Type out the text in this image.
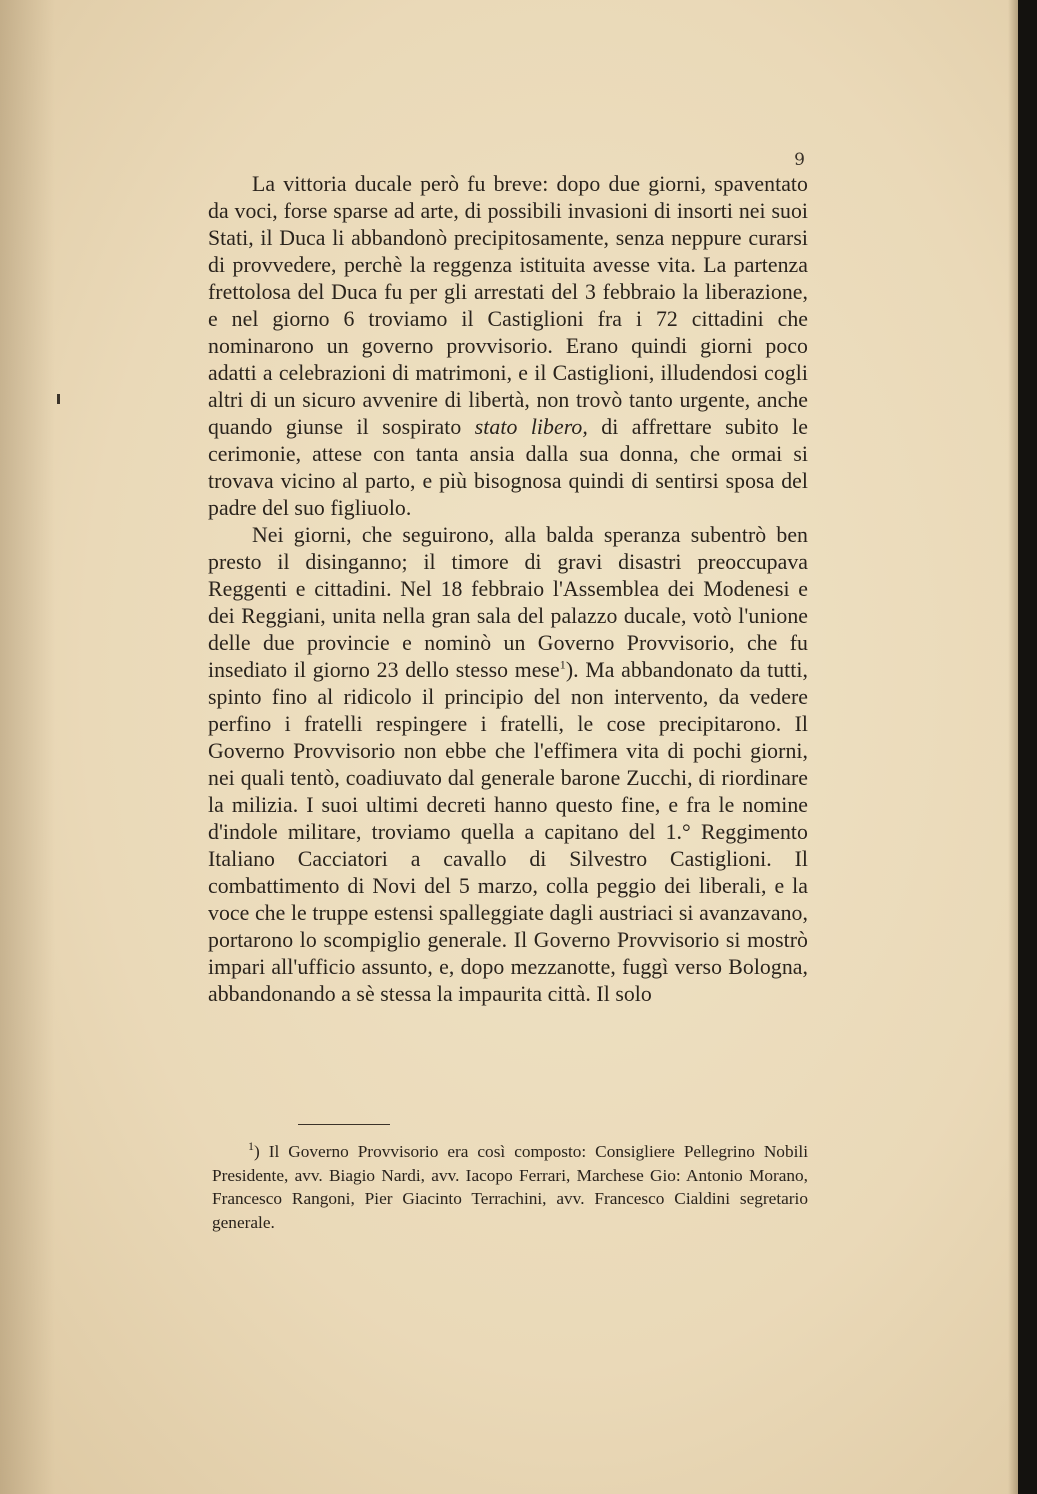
9

La vittoria ducale però fu breve: dopo due giorni, spaventato da voci, forse sparse ad arte, di possibili invasioni di insorti nei suoi Stati, il Duca li abbandonò precipitosamente, senza neppure curarsi di provvedere, perchè la reggenza istituita avesse vita. La partenza frettolosa del Duca fu per gli arrestati del 3 febbraio la liberazione, e nel giorno 6 troviamo il Castiglioni fra i 72 cittadini che nominarono un governo provvisorio. Erano quindi giorni poco adatti a celebrazioni di matrimoni, e il Castiglioni, illudendosi cogli altri di un sicuro avvenire di libertà, non trovò tanto urgente, anche quando giunse il sospirato stato libero, di affrettare subito le cerimonie, attese con tanta ansia dalla sua donna, che ormai si trovava vicino al parto, e più bisognosa quindi di sentirsi sposa del padre del suo figliuolo.

Nei giorni, che seguirono, alla balda speranza subentrò ben presto il disinganno; il timore di gravi disastri preoccupava Reggenti e cittadini. Nel 18 febbraio l'Assemblea dei Modenesi e dei Reggiani, unita nella gran sala del palazzo ducale, votò l'unione delle due provincie e nominò un Governo Provvisorio, che fu insediato il giorno 23 dello stesso mese$^1$). Ma abbandonato da tutti, spinto fino al ridicolo il principio del non intervento, da vedere perfino i fratelli respingere i fratelli, le cose precipitarono. Il Governo Provvisorio non ebbe che l'effimera vita di pochi giorni, nei quali tentò, coadiuvato dal generale barone Zucchi, di riordinare la milizia. I suoi ultimi decreti hanno questo fine, e fra le nomine d'indole militare, troviamo quella a capitano del 1.° Reggimento Italiano Cacciatori a cavallo di Silvestro Castiglioni. Il combattimento di Novi del 5 marzo, colla peggio dei liberali, e la voce che le truppe estensi spalleggiate dagli austriaci si avanzavano, portarono lo scompiglio generale. Il Governo Provvisorio si mostrò impari all'ufficio assunto, e, dopo mezzanotte, fuggì verso Bologna, abbandonando a sè stessa la impaurita città. Il solo

$^1$) Il Governo Provvisorio era così composto: Consigliere Pellegrino Nobili Presidente, avv. Biagio Nardi, avv. Iacopo Ferrari, Marchese Gio: Antonio Morano, Francesco Rangoni, Pier Giacinto Terrachini, avv. Francesco Cialdini segretario generale.
